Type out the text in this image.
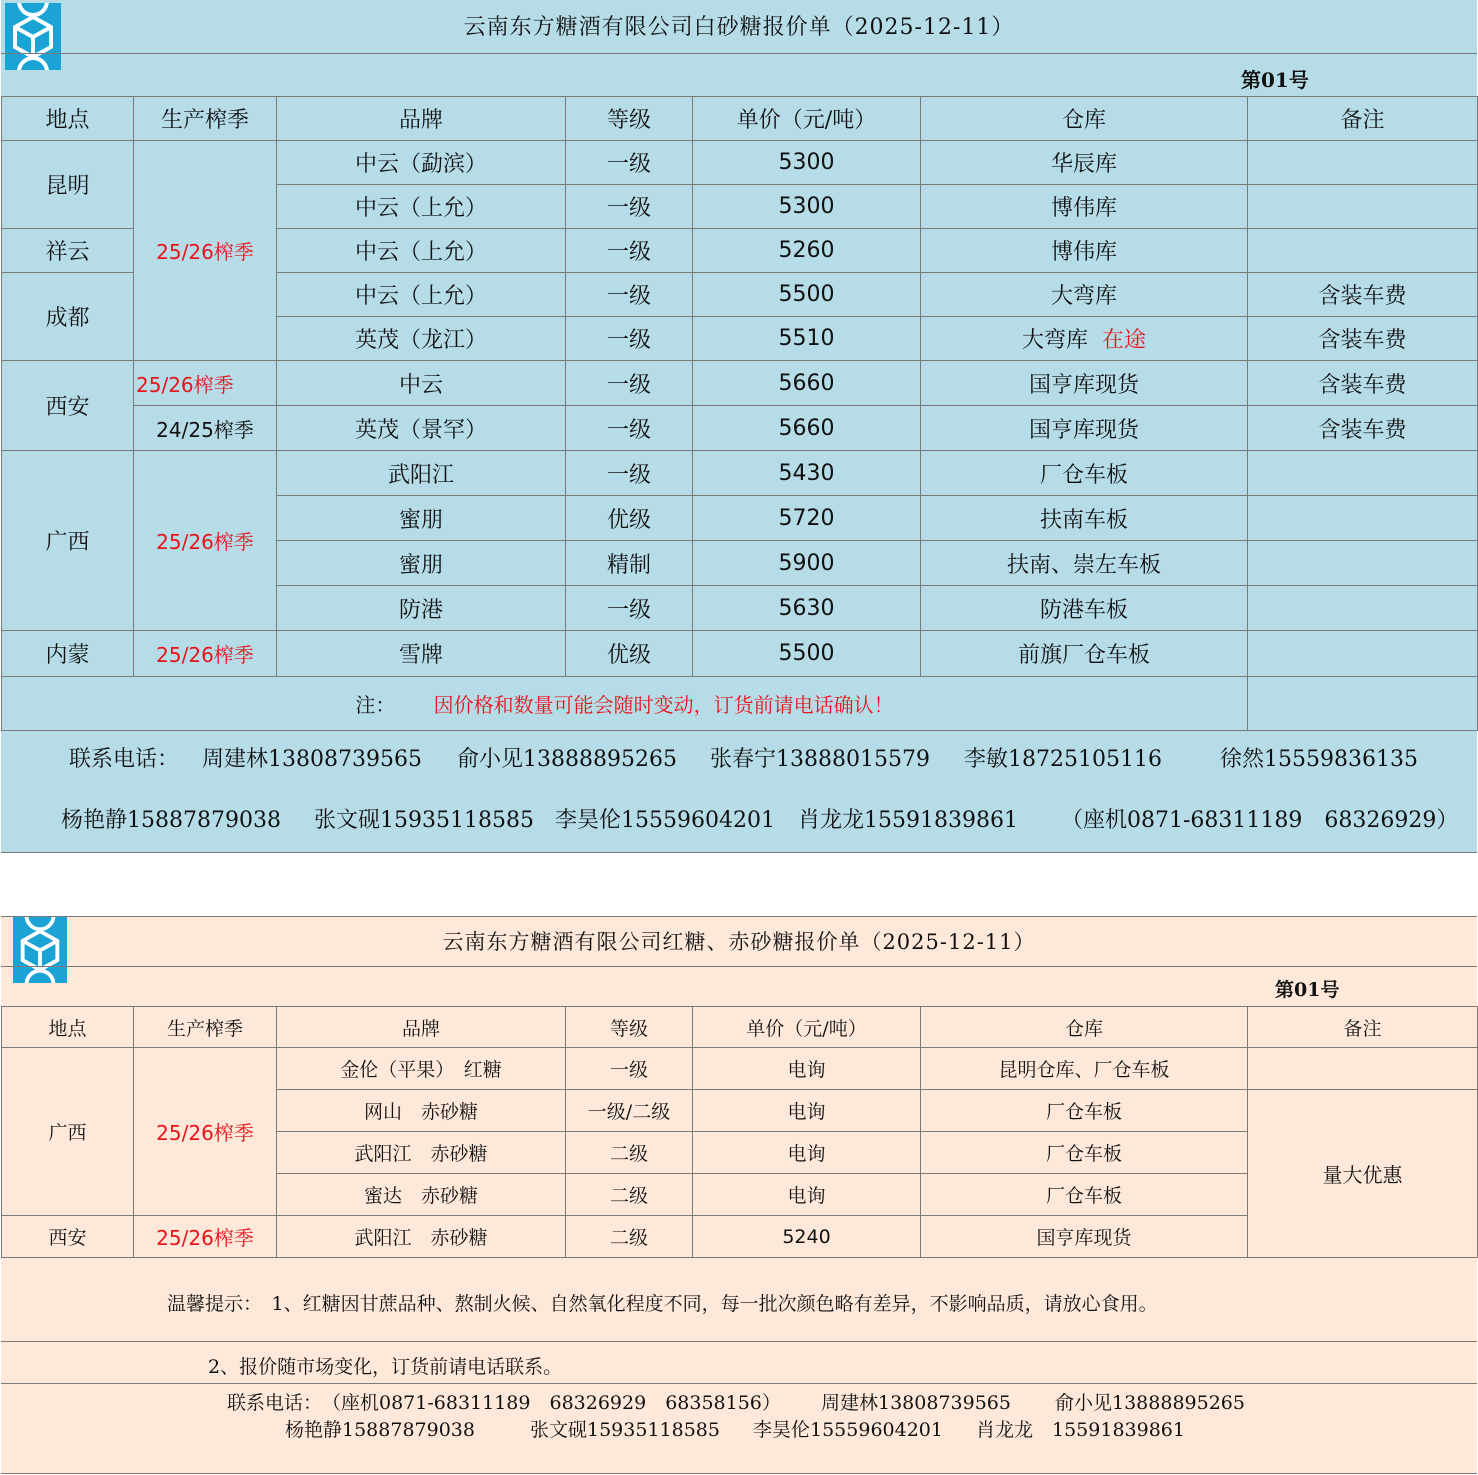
云南东方糖酒有限公司白砂糖报价单（2025-12-11）
第01号
地点	生产榨季	品牌	等级	单价（元/吨）	仓库	备注
昆明	25/26榨季	中云（勐滨）	一级	5300	华辰库	
		中云（上允）	一级	5300	博伟库	
祥云		中云（上允）	一级	5260	博伟库	
成都		中云（上允）	一级	5500	大弯库	含装车费
		英茂（龙江）	一级	5510	大弯库 在途	含装车费
西安	25/26榨季	中云	一级	5660	国亨库现货	含装车费
	24/25榨季	英茂（景罕）	一级	5660	国亨库现货	含装车费
广西	25/26榨季	武阳江	一级	5430	厂仓车板	
		蜜朋	优级	5720	扶南车板	
		蜜朋	精制	5900	扶南、崇左车板	
		防港	一级	5630	防港车板	
内蒙	25/26榨季	雪牌	优级	5500	前旗厂仓车板	
注： 因价格和数量可能会随时变动，订货前请电话确认！						
联系电话： 周建林13808739565 俞小见13888895265 张春宁13888015579 李敏18725105116	徐然15559836135
杨艳静15887879038 张文砚15935118585 李昊伦15559604201 肖龙龙15591839861 （座机0871-68311189　68326929）
云南东方糖酒有限公司红糖、赤砂糖报价单（2025-12-11）
第01号
地点	生产榨季	品牌	等级	单价（元/吨）	仓库	备注
广西	25/26榨季	金伦（平果）　红糖	一级	电询	昆明仓库、厂仓车板	
		网山　赤砂糖	一级/二级	电询	厂仓车板	量大优惠
		武阳江　赤砂糖	二级	电询	厂仓车板	
		蜜达　赤砂糖	二级	电询	厂仓车板	
西安	25/26榨季	武阳江　赤砂糖	二级	5240	国亨库现货	
温馨提示：　1、红糖因甘蔗品种、熬制火候、自然氧化程度不同，每一批次颜色略有差异，不影响品质，请放心食用。
2、报价随市场变化，订货前请电话联系。
联系电话：　（座机0871-68311189　68326929　68358156） 周建林13808739565 俞小见13888895265
杨艳静15887879038	张文砚15935118585 李昊伦15559604201 肖龙龙　15591839861
